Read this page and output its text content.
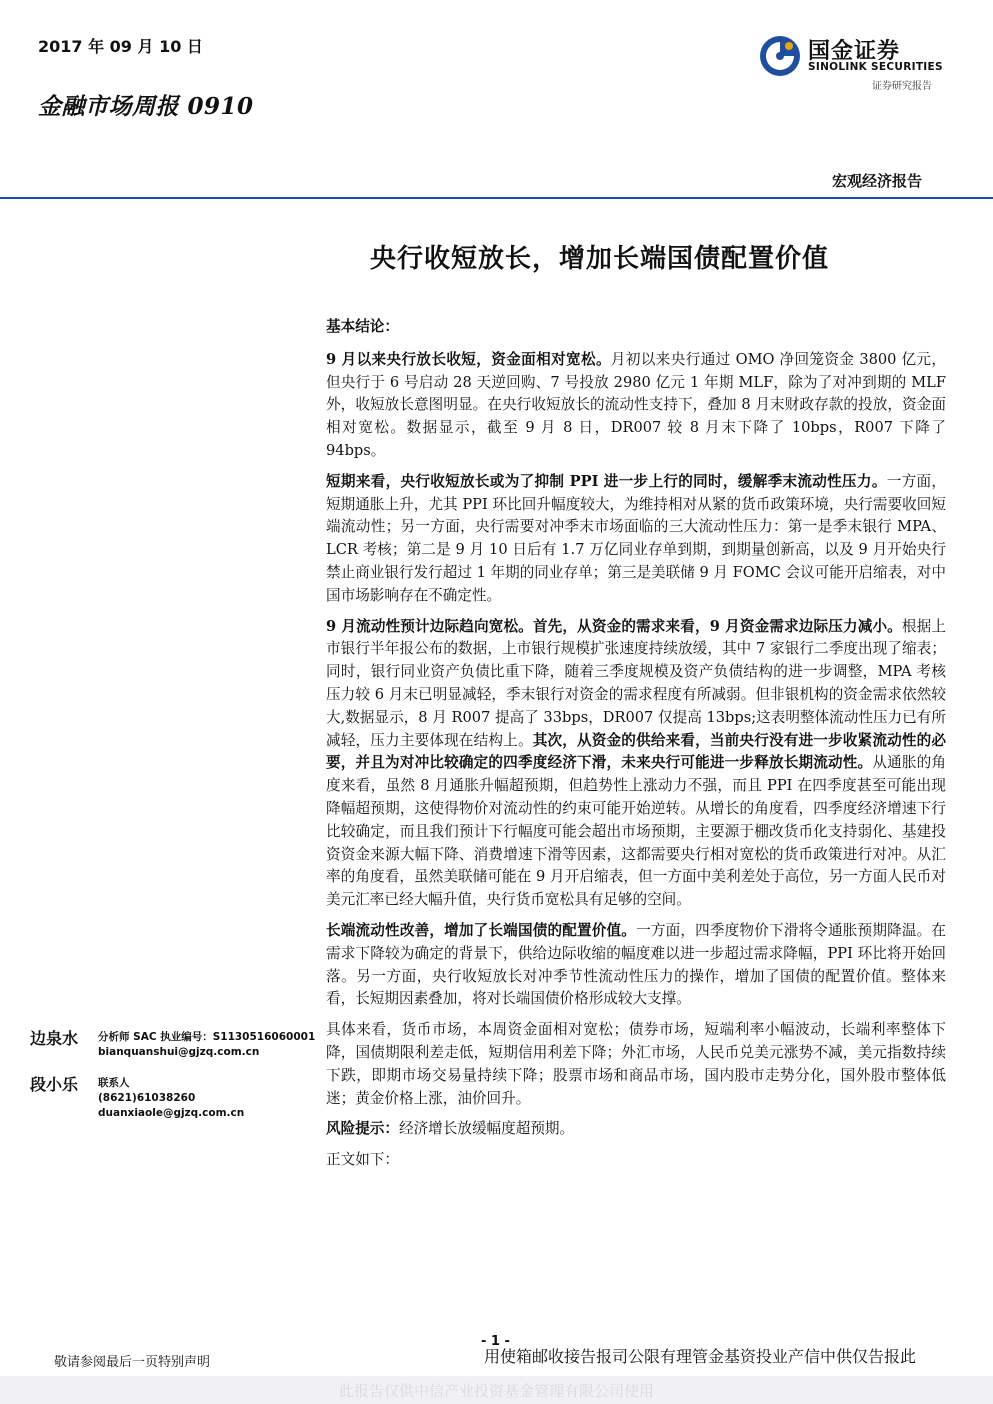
2017 年 09 月 10 日
金融市场周报 0910
国金证券
SINOLINK SECURITIES
证券研究报告
宏观经济报告
央行收短放长，增加长端国债配置价值
基本结论：

9 月以来央行放长收短，资金面相对宽松。月初以来央行通过 OMO 净回笼资金 3800 亿元，但央行于 6 号启动 28 天逆回购、7 号投放 2980 亿元 1 年期 MLF，除为了对冲到期的 MLF 外，收短放长意图明显。在央行收短放长的流动性支持下，叠加 8 月末财政存款的投放，资金面相对宽松。数据显示，截至 9 月 8 日，DR007 较 8 月末下降了 10bps，R007 下降了 94bps。

短期来看，央行收短放长或为了抑制 PPI 进一步上行的同时，缓解季末流动性压力。一方面，短期通胀上升，尤其 PPI 环比回升幅度较大，为维持相对从紧的货币政策环境，央行需要收回短端流动性；另一方面，央行需要对冲季末市场面临的三大流动性压力：第一是季末银行 MPA、LCR 考核；第二是 9 月 10 日后有 1.7 万亿同业存单到期，到期量创新高，以及 9 月开始央行禁止商业银行发行超过 1 年期的同业存单；第三是美联储 9 月 FOMC 会议可能开启缩表，对中国市场影响存在不确定性。

9 月流动性预计边际趋向宽松。首先，从资金的需求来看，9 月资金需求边际压力减小。根据上市银行半年报公布的数据，上市银行规模扩张速度持续放缓，其中 7 家银行二季度出现了缩表；同时，银行同业资产负债比重下降，随着三季度规模及资产负债结构的进一步调整，MPA 考核压力较 6 月末已明显减轻，季末银行对资金的需求程度有所减弱。但非银机构的资金需求依然较大,数据显示，8 月 R007 提高了 33bps，DR007 仅提高 13bps;这表明整体流动性压力已有所减轻，压力主要体现在结构上。其次，从资金的供给来看，当前央行没有进一步收紧流动性的必要，并且为对冲比较确定的四季度经济下滑，未来央行可能进一步释放长期流动性。从通胀的角度来看，虽然 8 月通胀升幅超预期，但趋势性上涨动力不强，而且 PPI 在四季度甚至可能出现降幅超预期，这使得物价对流动性的约束可能开始逆转。从增长的角度看，四季度经济增速下行比较确定，而且我们预计下行幅度可能会超出市场预期，主要源于棚改货币化支持弱化、基建投资资金来源大幅下降、消费增速下滑等因素，这都需要央行相对宽松的货币政策进行对冲。从汇率的角度看，虽然美联储可能在 9 月开启缩表，但一方面中美利差处于高位，另一方面人民币对美元汇率已经大幅升值，央行货币宽松具有足够的空间。

长端流动性改善，增加了长端国债的配置价值。一方面，四季度物价下滑将令通胀预期降温。在需求下降较为确定的背景下，供给边际收缩的幅度难以进一步超过需求降幅，PPI 环比将开始回落。另一方面，央行收短放长对冲季节性流动性压力的操作，增加了国债的配置价值。整体来看，长短期因素叠加，将对长端国债价格形成较大支撑。

具体来看，货币市场，本周资金面相对宽松；债券市场，短端利率小幅波动，长端利率整体下降，国债期限利差走低，短期信用利差下降；外汇市场，人民币兑美元涨势不减，美元指数持续下跌，即期市场交易量持续下降；股票市场和商品市场，国内股市走势分化，国外股市整体低迷；黄金价格上涨，油价回升。

风险提示：经济增长放缓幅度超预期。

正文如下：

边泉水 分析师 SAC 执业编号：S1130516060001
bianquanshui@gjzq.com.cn
段小乐 联系人
(8621)61038260
duanxiaole@gjzq.com.cn
- 1 -
敬请参阅最后一页特别声明	用使箱邮收接告报司公限有理管金基资投业产信中供仅告报此
此报告仅供中信产业投资基金管理有限公司使用
